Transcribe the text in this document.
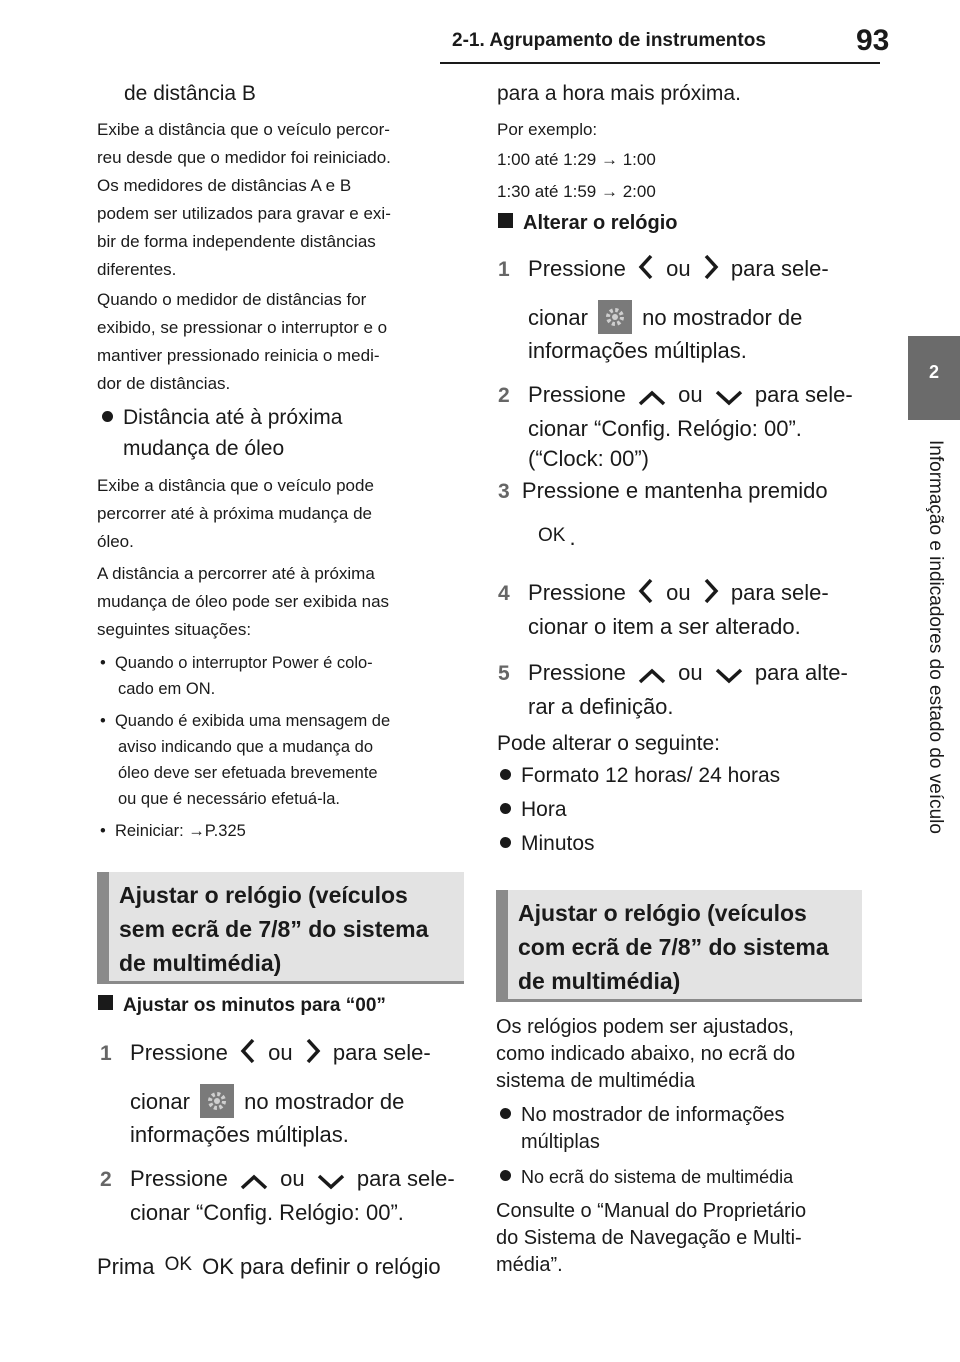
2-1. Agrupamento de instrumentos	93
2
Informação e indicadores do estado do veículo
de distância B
Exibe a distância que o veículo percor-
reu desde que o medidor foi reiniciado.
Os medidores de distâncias A e B
podem ser utilizados para gravar e exi-
bir de forma independente distâncias
diferentes.
Quando o medidor de distâncias for
exibido, se pressionar o interruptor e o
mantiver pressionado reinicia o medi-
dor de distâncias.
Distância até à próxima
mudança de óleo
Exibe a distância que o veículo pode
percorrer até à próxima mudança de
óleo.
A distância a percorrer até à próxima
mudança de óleo pode ser exibida nas
seguintes situações:
•  Quando o interruptor Power é colo-
cado em ON.
•  Quando é exibida uma mensagem de
aviso indicando que a mudança do
óleo deve ser efetuada brevemente
ou que é necessário efetuá-la.
•  Reiniciar: →P.325
Ajustar o relógio (veículos
sem ecrã de 7/8” do sistema
de multimédia)
Ajustar os minutos para “00”
1 Pressione ou para sele-
cionar no mostrador de
informações múltiplas.
2 Pressione ou para sele-
cionar “Config. Relógio: 00”.
Prima OK OK para definir o relógio
para a hora mais próxima.
Por exemplo:
1:00 até 1:29 → 1:00
1:30 até 1:59 → 2:00
Alterar o relógio
1 Pressione ou para sele-
cionar no mostrador de
informações múltiplas.
2 Pressione ou para sele-
cionar “Config. Relógio: 00”.
(“Clock: 00”)
3 Pressione e mantenha premido
OK .
4 Pressione ou para sele-
cionar o item a ser alterado.
5 Pressione ou para alte-
rar a definição.
Pode alterar o seguinte:
Formato 12 horas/ 24 horas
Hora
Minutos
Ajustar o relógio (veículos
com ecrã de 7/8” do sistema
de multimédia)
Os relógios podem ser ajustados,
como indicado abaixo, no ecrã do
sistema de multimédia
No mostrador de informações
múltiplas
No ecrã do sistema de multimédia
Consulte o “Manual do Proprietário
do Sistema de Navegação e Multi-
média”.
